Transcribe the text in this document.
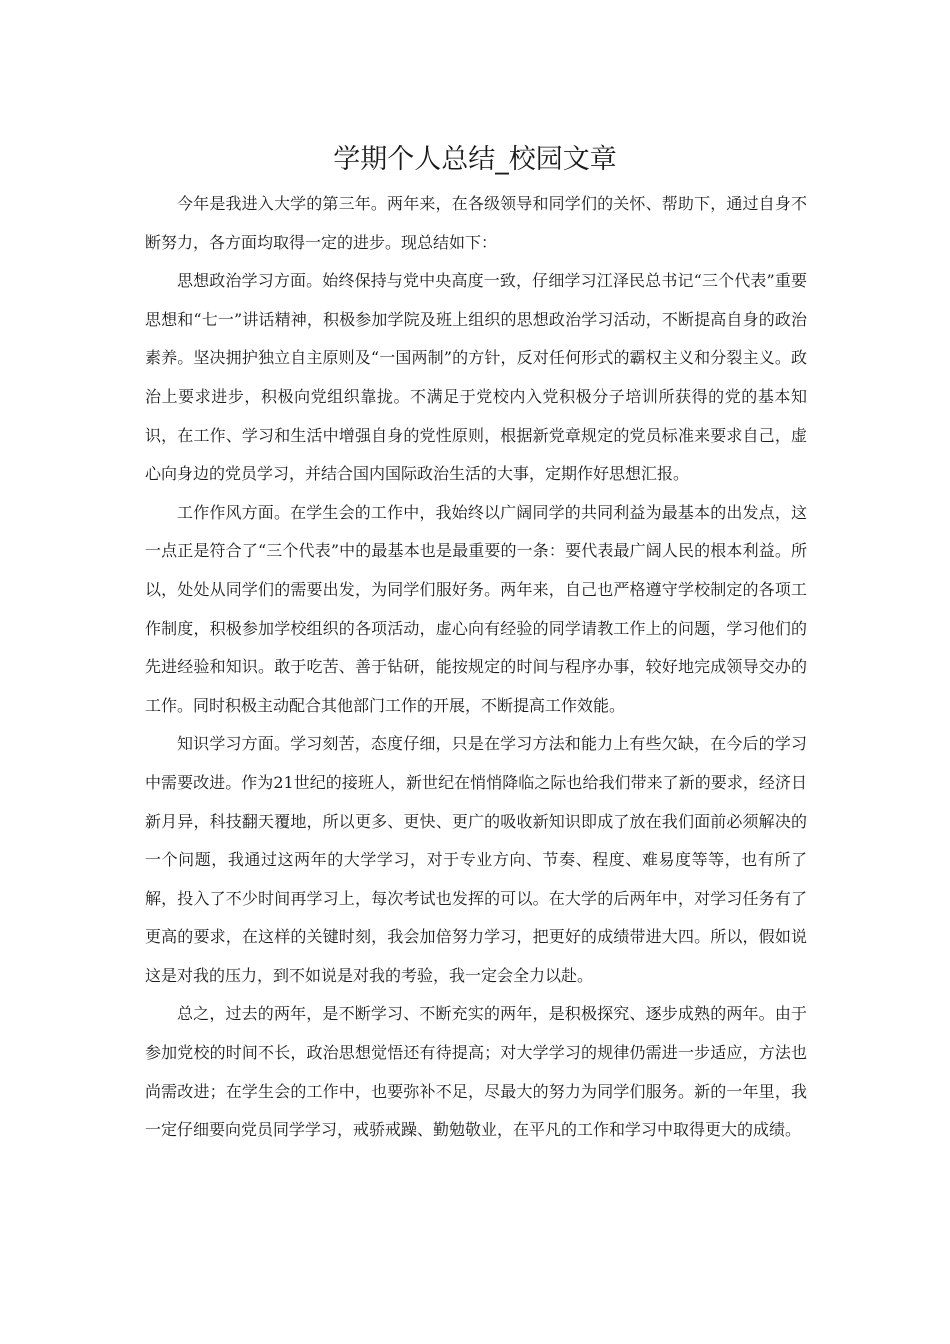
学期个人总结_校园文章

今年是我进入大学的第三年。两年来，在各级领导和同学们的关怀、帮助下，通过自身不断努力，各方面均取得一定的进步。现总结如下：

思想政治学习方面。始终保持与党中央高度一致，仔细学习江泽民总书记“三个代表”重要思想和“七一”讲话精神，积极参加学院及班上组织的思想政治学习活动，不断提高自身的政治素养。坚决拥护独立自主原则及“一国两制”的方针，反对任何形式的霸权主义和分裂主义。政治上要求进步，积极向党组织靠拢。不满足于党校内入党积极分子培训所获得的党的基本知识，在工作、学习和生活中增强自身的党性原则，根据新党章规定的党员标准来要求自己，虚心向身边的党员学习，并结合国内国际政治生活的大事，定期作好思想汇报。

工作作风方面。在学生会的工作中，我始终以广阔同学的共同利益为最基本的出发点，这一点正是符合了“三个代表”中的最基本也是最重要的一条：要代表最广阔人民的根本利益。所以，处处从同学们的需要出发，为同学们服好务。两年来，自己也严格遵守学校制定的各项工作制度，积极参加学校组织的各项活动，虚心向有经验的同学请教工作上的问题，学习他们的先进经验和知识。敢于吃苦、善于钻研，能按规定的时间与程序办事，较好地完成领导交办的工作。同时积极主动配合其他部门工作的开展，不断提高工作效能。

知识学习方面。学习刻苦，态度仔细，只是在学习方法和能力上有些欠缺，在今后的学习中需要改进。作为21世纪的接班人，新世纪在悄悄降临之际也给我们带来了新的要求，经济日新月异，科技翻天覆地，所以更多、更快、更广的吸收新知识即成了放在我们面前必须解决的一个问题，我通过这两年的大学学习，对于专业方向、节奏、程度、难易度等等，也有所了解，投入了不少时间再学习上，每次考试也发挥的可以。在大学的后两年中，对学习任务有了更高的要求，在这样的关键时刻，我会加倍努力学习，把更好的成绩带进大四。所以，假如说这是对我的压力，到不如说是对我的考验，我一定会全力以赴。

总之，过去的两年，是不断学习、不断充实的两年，是积极探究、逐步成熟的两年。由于参加党校的时间不长，政治思想觉悟还有待提高；对大学学习的规律仍需进一步适应，方法也尚需改进；在学生会的工作中，也要弥补不足，尽最大的努力为同学们服务。新的一年里，我一定仔细要向党员同学学习，戒骄戒躁、勤勉敬业，在平凡的工作和学习中取得更大的成绩。
